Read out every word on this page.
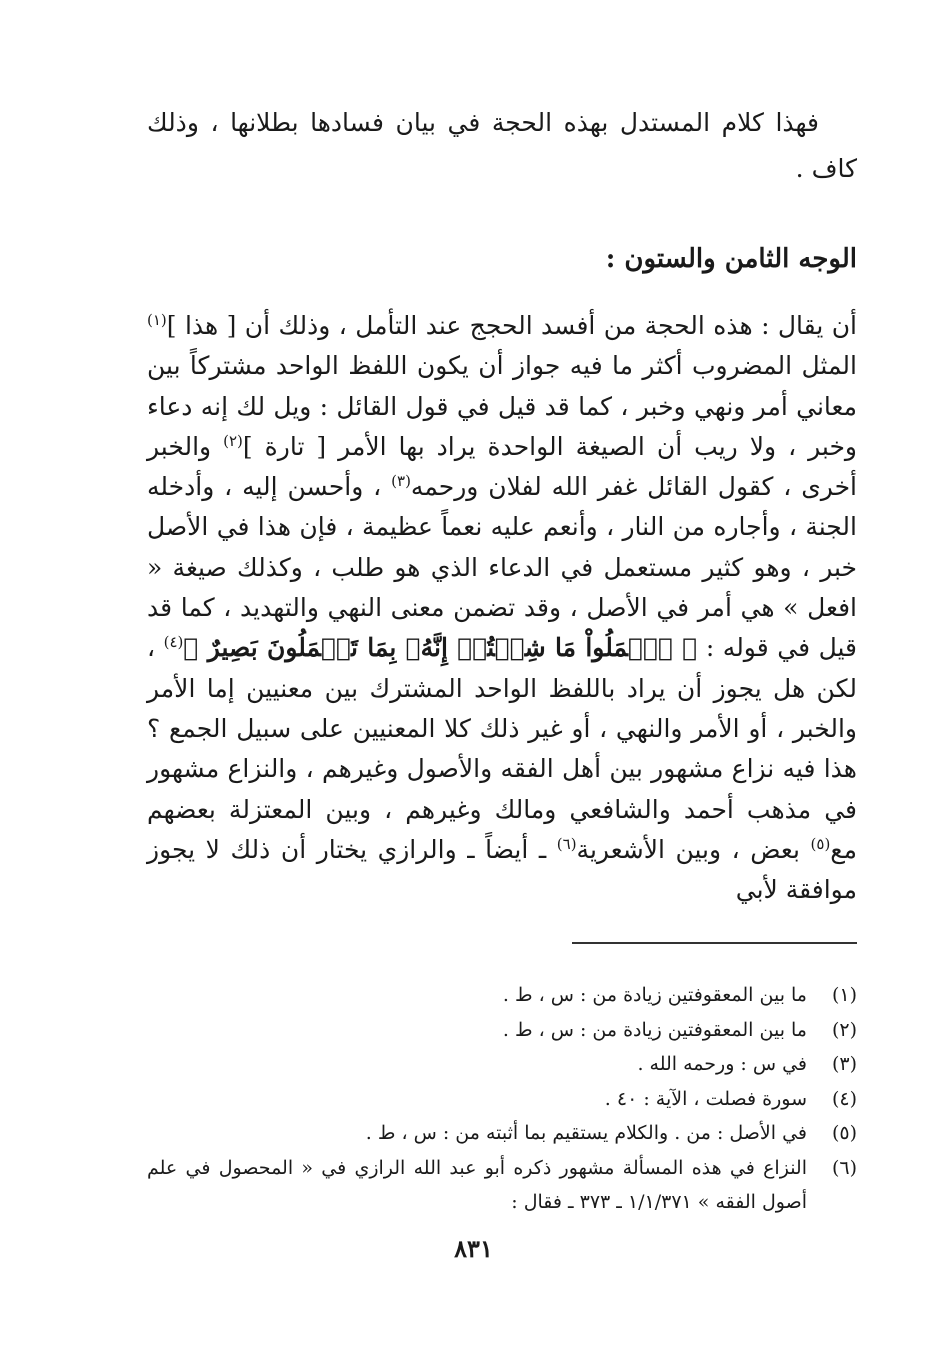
فهذا كلام المستدل بهذه الحجة في بيان فسادها بطلانها ، وذلك كاف .

الوجه الثامن والستون :

أن يقال : هذه الحجة من أفسد الحجج عند التأمل ، وذلك أن [ هذا ]$^{(١)}$ المثل المضروب أكثر ما فيه جواز أن يكون اللفظ الواحد مشتركاً بين معاني أمر ونهي وخبر ، كما قد قيل في قول القائل : ويل لك إنه دعاء وخبر ، ولا ريب أن الصيغة الواحدة يراد بها الأمر [ تارة ]$^{(٢)}$ والخبر أخرى ، كقول القائل غفر الله لفلان ورحمه$^{(٣)}$ ، وأحسن إليه ، وأدخله الجنة ، وأجاره من النار ، وأنعم عليه نعماً عظيمة ، فإن هذا في الأصل خبر ، وهو كثير مستعمل في الدعاء الذي هو طلب ، وكذلك صيغة « افعل » هي أمر في الأصل ، وقد تضمن معنى النهي والتهديد ، كما قد قيل في قوله : ﴿ ٱعۡمَلُواْ مَا شِئۡتُمۡ إِنَّهُۥ بِمَا تَعۡمَلُونَ بَصِيرٌ ﴾$^{(٤)}$ ، لكن هل يجوز أن يراد باللفظ الواحد المشترك بين معنيين إما الأمر والخبر ، أو الأمر والنهي ، أو غير ذلك كلا المعنيين على سبيل الجمع ؟ هذا فيه نزاع مشهور بين أهل الفقه والأصول وغيرهم ، والنزاع مشهور في مذهب أحمد والشافعي ومالك وغيرهم ، وبين المعتزلة بعضهم مع$^{(٥)}$ بعض ، وبين الأشعرية$^{(٦)}$ ـ أيضاً ـ والرازي يختار أن ذلك لا يجوز موافقة لأبي

(١)
ما بين المعقوفتين زيادة من : س ، ط .
(٢)
ما بين المعقوفتين زيادة من : س ، ط .
(٣)
في س : ورحمه الله .
(٤)
سورة فصلت ، الآية : ٤٠ .
(٥)
في الأصل : من . والكلام يستقيم بما أثبته من : س ، ط .
(٦)
النزاع في هذه المسألة مشهور ذكره أبو عبد الله الرازي في « المحصول في علم أصول الفقه » ١/١/٣٧١ ـ ٣٧٣ ـ فقال :

٨٣١
